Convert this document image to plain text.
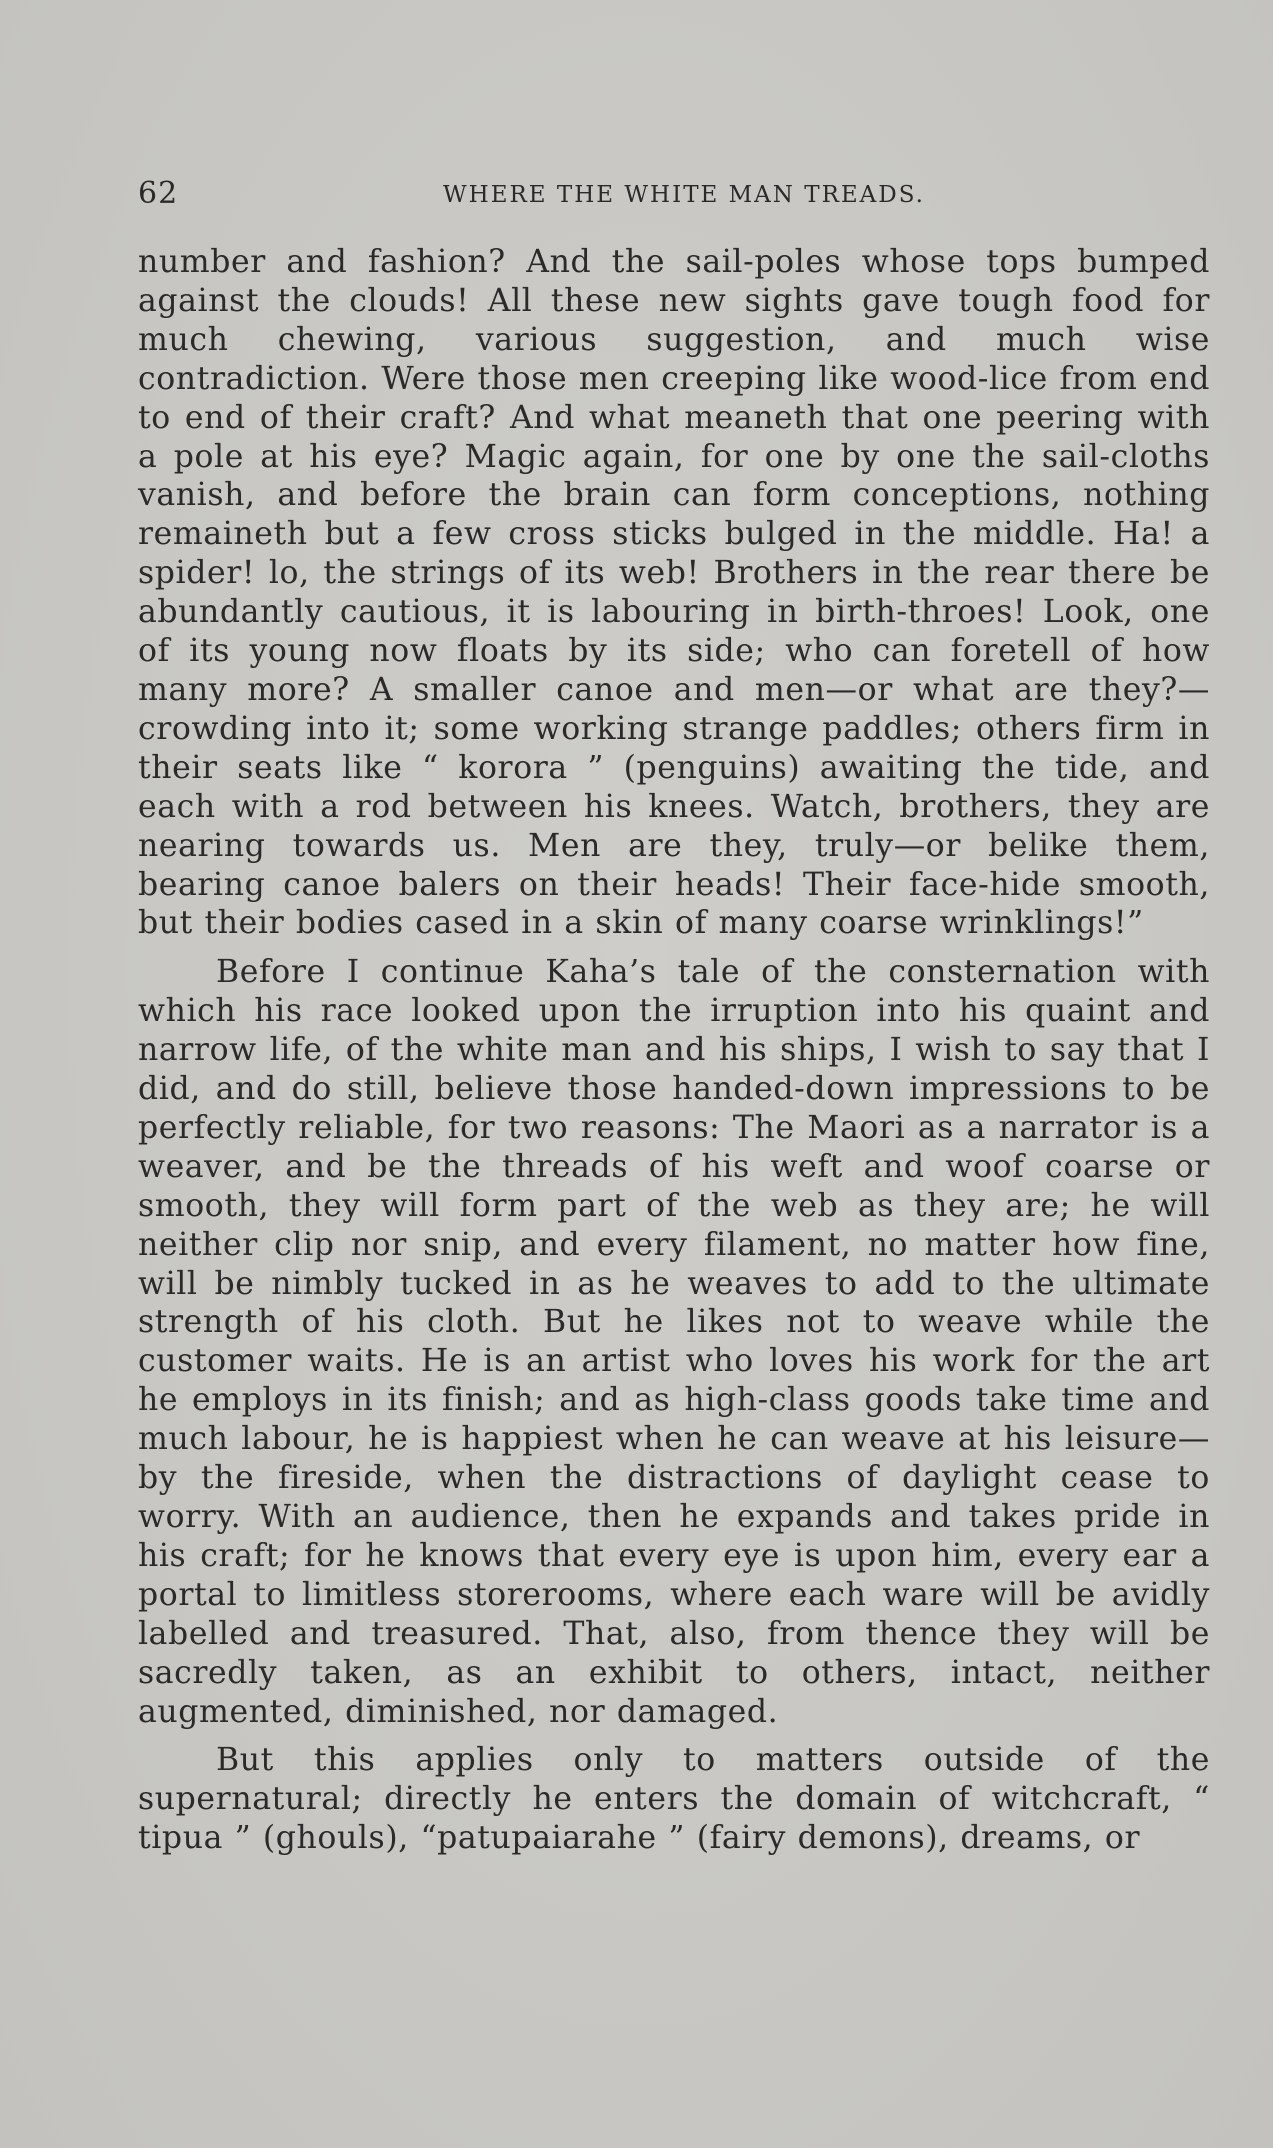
62	WHERE THE WHITE MAN TREADS.

number and fashion? And the sail-poles whose tops bumped against the clouds! All these new sights gave tough food for much chewing, various suggestion, and much wise contradiction. Were those men creeping like wood-lice from end to end of their craft? And what meaneth that one peering with a pole at his eye? Magic again, for one by one the sail-cloths vanish, and before the brain can form conceptions, nothing remaineth but a few cross sticks bulged in the middle. Ha! a spider! lo, the strings of its web! Brothers in the rear there be abundantly cautious, it is labouring in birth-throes! Look, one of its young now floats by its side; who can foretell of how many more? A smaller canoe and men—or what are they?—crowding into it; some working strange paddles; others firm in their seats like “ korora ” (penguins) awaiting the tide, and each with a rod between his knees. Watch, brothers, they are nearing towards us. Men are they, truly—or belike them, bearing canoe balers on their heads! Their face-hide smooth, but their bodies cased in a skin of many coarse wrinklings!”

Before I continue Kaha’s tale of the consternation with which his race looked upon the irruption into his quaint and narrow life, of the white man and his ships, I wish to say that I did, and do still, believe those handed-down impressions to be perfectly reliable, for two reasons: The Maori as a narrator is a weaver, and be the threads of his weft and woof coarse or smooth, they will form part of the web as they are; he will neither clip nor snip, and every filament, no matter how fine, will be nimbly tucked in as he weaves to add to the ultimate strength of his cloth. But he likes not to weave while the customer waits. He is an artist who loves his work for the art he employs in its finish; and as high-class goods take time and much labour, he is happiest when he can weave at his leisure—by the fireside, when the distractions of daylight cease to worry. With an audience, then he expands and takes pride in his craft; for he knows that every eye is upon him, every ear a portal to limitless storerooms, where each ware will be avidly labelled and treasured. That, also, from thence they will be sacredly taken, as an exhibit to others, intact, neither augmented, diminished, nor damaged.

But this applies only to matters outside of the supernatural; directly he enters the domain of witchcraft, “ tipua ” (ghouls), “patupaiarahe ” (fairy demons), dreams, or
